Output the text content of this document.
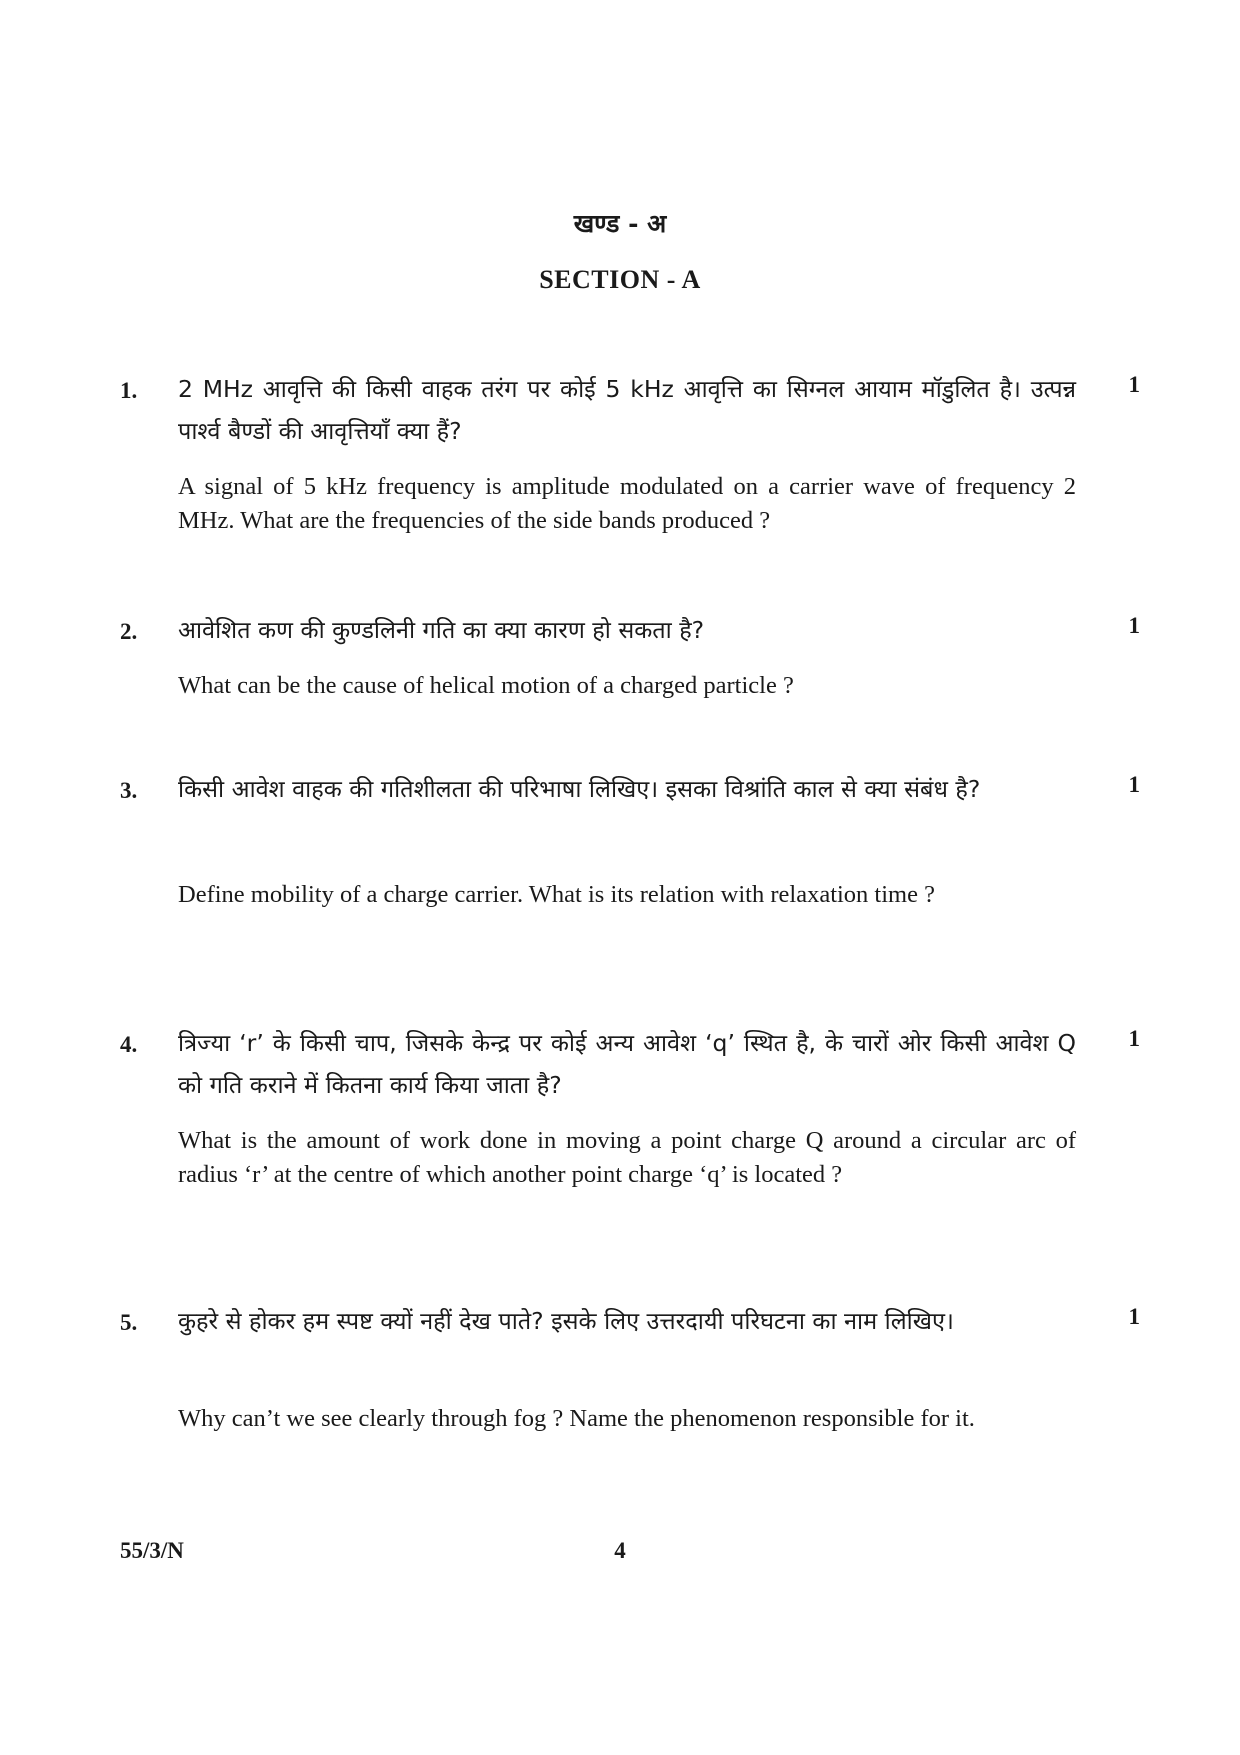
खण्ड - अ
SECTION - A
1. 2 MHz आवृत्ति की किसी वाहक तरंग पर कोई 5 kHz आवृत्ति का सिग्नल आयाम मॉडुलित है। उत्पन्न पार्श्व बैण्डों की आवृत्तियाँ क्या हैं?
A signal of 5 kHz frequency is amplitude modulated on a carrier wave of frequency 2 MHz. What are the frequencies of the side bands produced ?
1
2. आवेशित कण की कुण्डलिनी गति का क्या कारण हो सकता है?
What can be the cause of helical motion of a charged particle ?
1
3. किसी आवेश वाहक की गतिशीलता की परिभाषा लिखिए। इसका विश्रांति काल से क्या संबंध है?
Define mobility of a charge carrier. What is its relation with relaxation time ?
1
4. त्रिज्या ‘r’ के किसी चाप, जिसके केन्द्र पर कोई अन्य आवेश ‘q’ स्थित है, के चारों ओर किसी आवेश Q को गति कराने में कितना कार्य किया जाता है?
What is the amount of work done in moving a point charge Q around a circular arc of radius ‘r’ at the centre of which another point charge ‘q’ is located ?
1
5. कुहरे से होकर हम स्पष्ट क्यों नहीं देख पाते? इसके लिए उत्तरदायी परिघटना का नाम लिखिए।
Why can’t we see clearly through fog ? Name the phenomenon responsible for it.
1
55/3/N	4
